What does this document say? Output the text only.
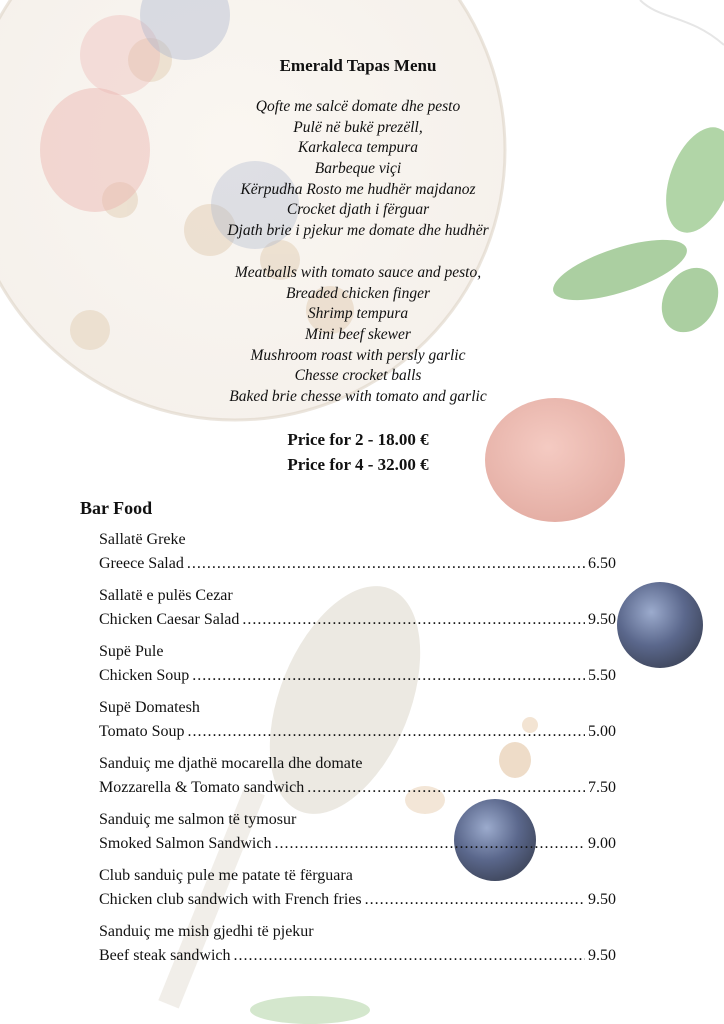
Emerald Tapas Menu
Qofte me salcë domate dhe pesto
Pulë në bukë prezëll,
Karkaleca tempura
Barbeque viçi
Kërpudha Rosto me hudhër majdanoz
Crocket djath i fërguar
Djath brie i pjekur me domate dhe hudhër
Meatballs with tomato sauce and pesto,
Breaded chicken finger
Shrimp tempura
Mini beef skewer
Mushroom roast with persly garlic
Chesse crocket balls
Baked brie chesse with tomato and garlic
Price for 2 - 18.00 €
Price for 4 - 32.00 €
Bar Food
Sallatë Greke
Greece Salad .....	6.50
Sallatë e pulës Cezar
Chicken Caesar Salad .....	9.50
Supë Pule
Chicken Soup .....	5.50
Supë Domatesh
Tomato Soup .....	5.00
Sanduiç me djathë mocarella dhe domate
Mozzarella & Tomato sandwich .....	7.50
Sanduiç me salmon të tymosur
Smoked Salmon Sandwich .....	9.00
Club sanduiç pule me patate të fërguara
Chicken club sandwich with French fries .....	9.50
Sanduiç me mish gjedhi të pjekur
Beef steak sandwich .....	9.50
